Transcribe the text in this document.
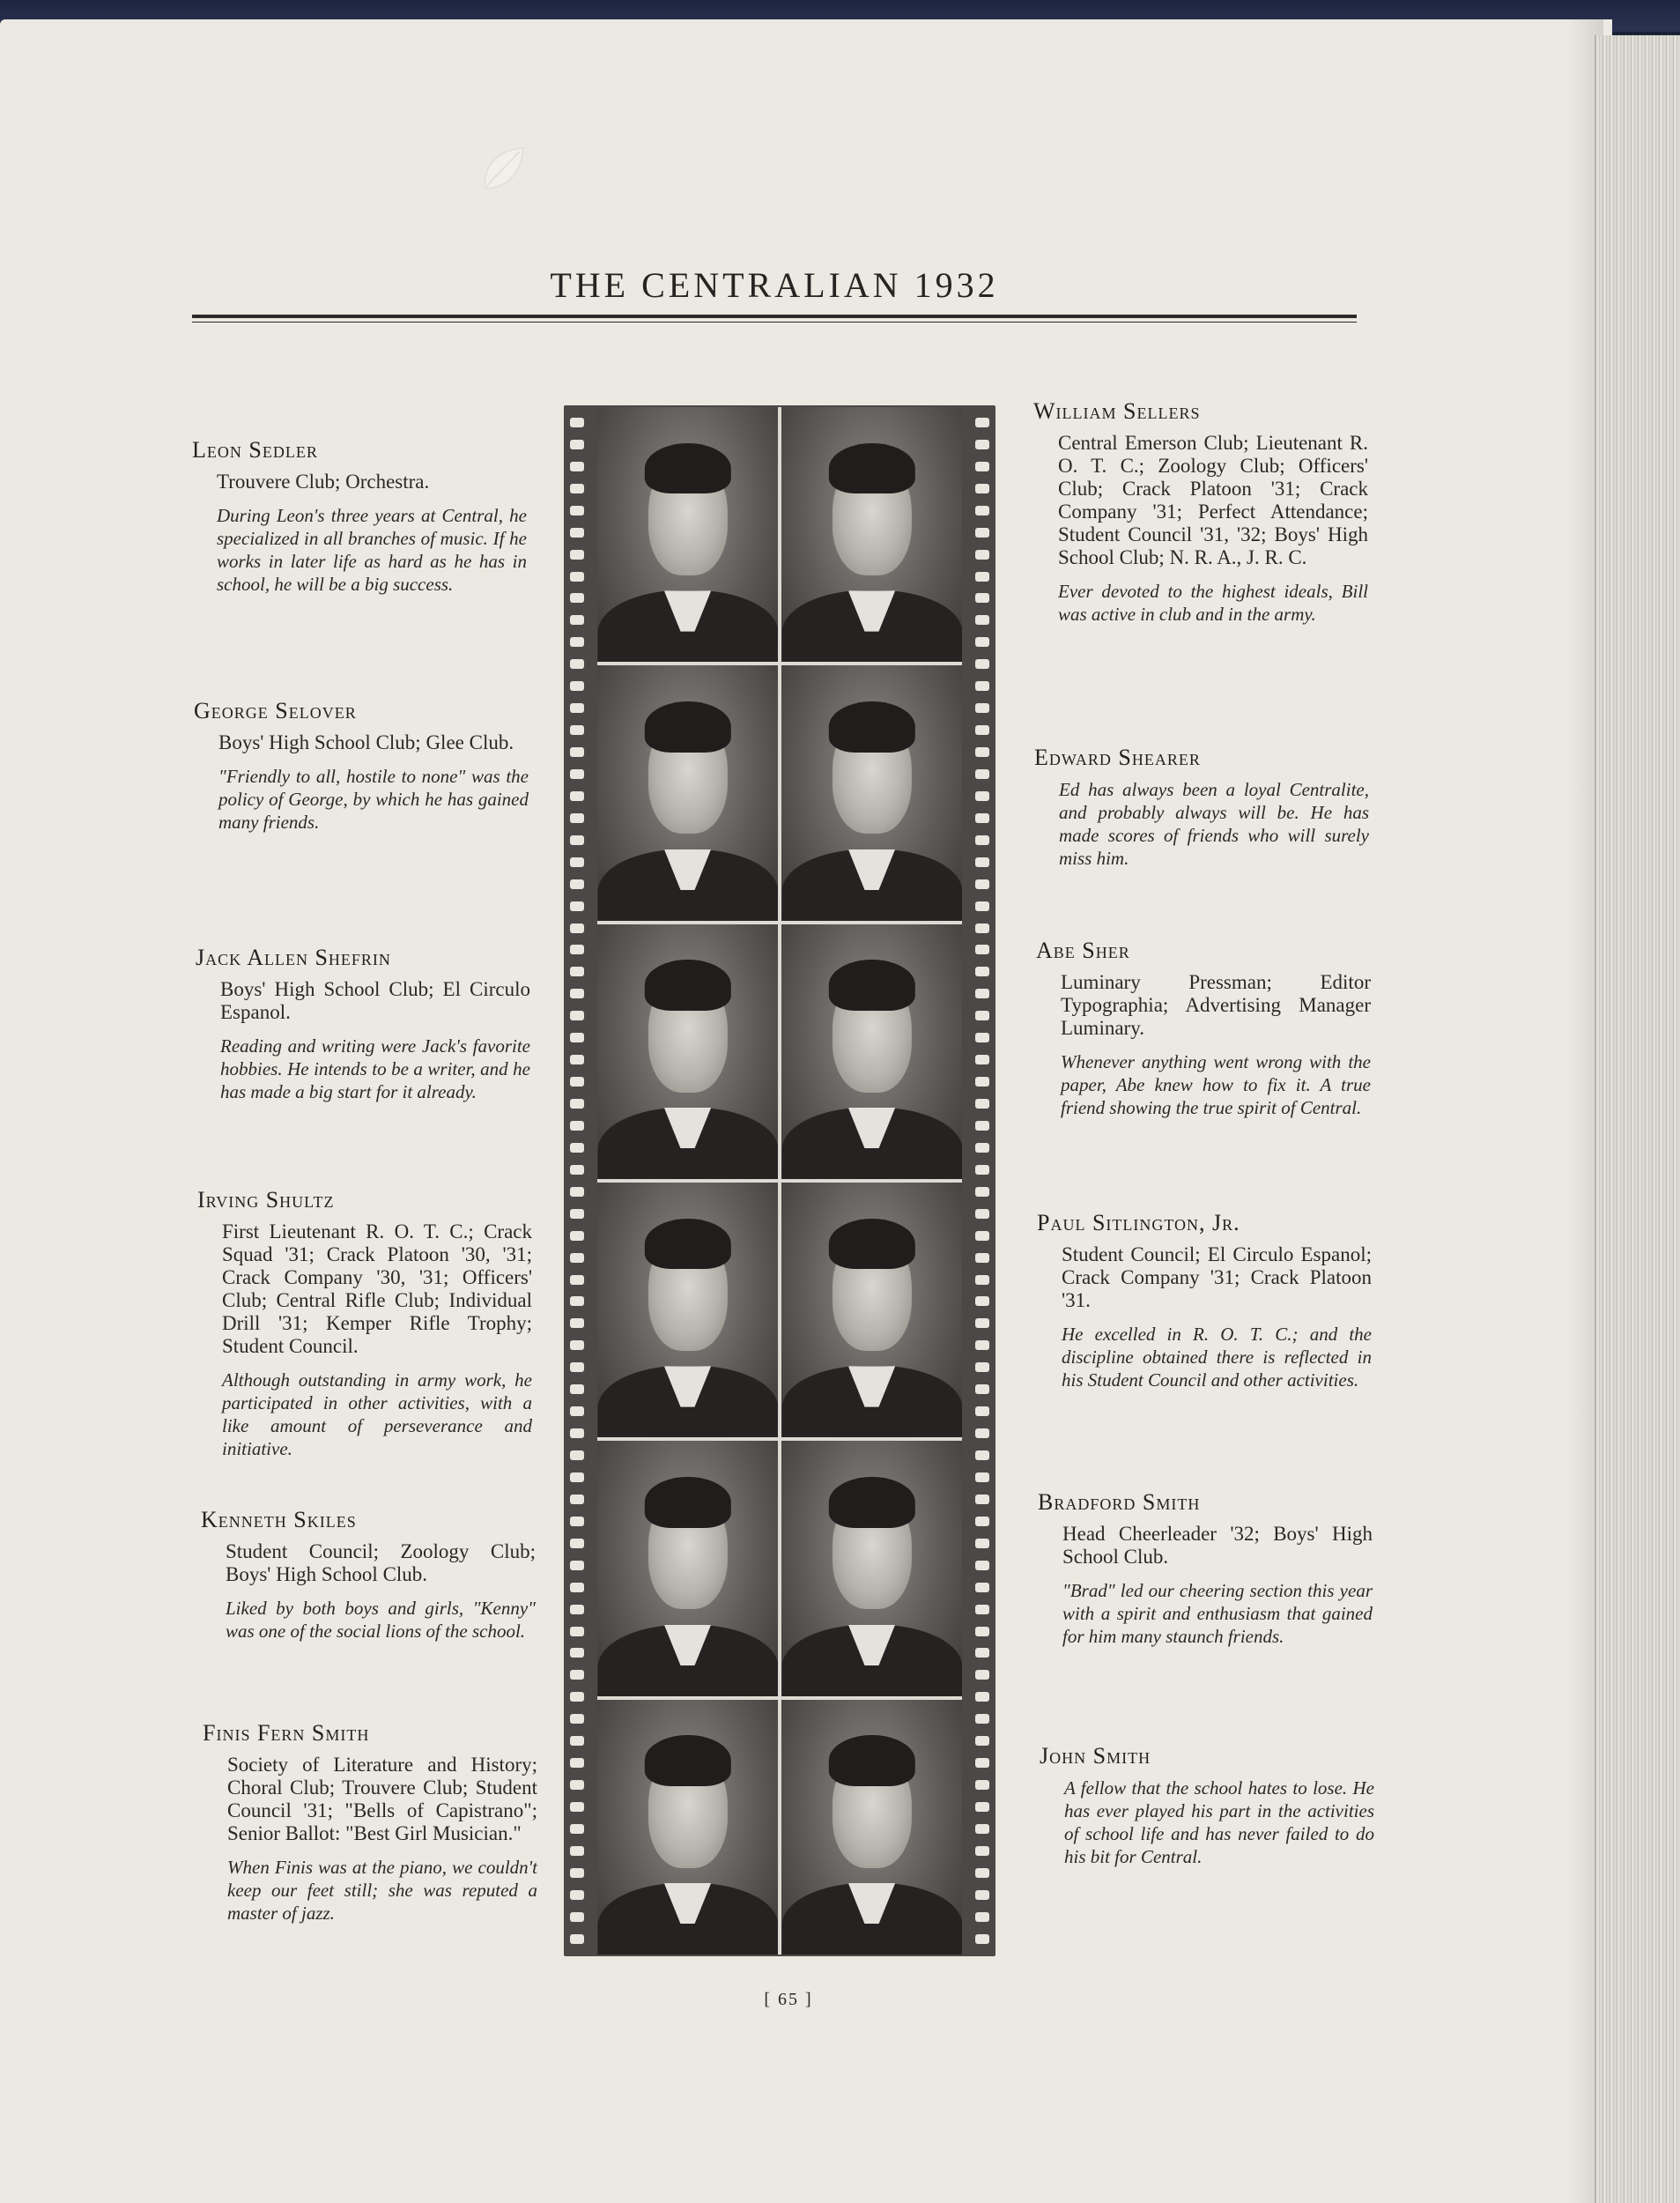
THE CENTRALIAN 1932
Leon Sedler
Trouvere Club; Orchestra.
During Leon's three years at Central, he specialized in all branches of music. If he works in later life as hard as he has in school, he will be a big success.
George Selover
Boys' High School Club; Glee Club.
"Friendly to all, hostile to none" was the policy of George, by which he has gained many friends.
Jack Allen Shefrin
Boys' High School Club; El Circulo Espanol.
Reading and writing were Jack's favorite hobbies. He intends to be a writer, and he has made a big start for it already.
Irving Shultz
First Lieutenant R. O. T. C.; Crack Squad '31; Crack Platoon '30, '31; Crack Company '30, '31; Officers' Club; Central Rifle Club; Individual Drill '31; Kemper Rifle Trophy; Student Council.
Although outstanding in army work, he participated in other activities, with a like amount of perseverance and initiative.
Kenneth Skiles
Student Council; Zoology Club; Boys' High School Club.
Liked by both boys and girls, "Kenny" was one of the social lions of the school.
Finis Fern Smith
Society of Literature and History; Choral Club; Trouvere Club; Student Council '31; "Bells of Capistrano"; Senior Ballot: "Best Girl Musician."
When Finis was at the piano, we couldn't keep our feet still; she was reputed a master of jazz.
William Sellers
Central Emerson Club; Lieutenant R. O. T. C.; Zoology Club; Officers' Club; Crack Platoon '31; Crack Company '31; Perfect Attendance; Student Council '31, '32; Boys' High School Club; N. R. A., J. R. C.
Ever devoted to the highest ideals, Bill was active in club and in the army.
Edward Shearer
Ed has always been a loyal Centralite, and probably always will be. He has made scores of friends who will surely miss him.
Abe Sher
Luminary Pressman; Editor Typographia; Advertising Manager Luminary.
Whenever anything went wrong with the paper, Abe knew how to fix it. A true friend showing the true spirit of Central.
Paul Sitlington, Jr.
Student Council; El Circulo Espanol; Crack Company '31; Crack Platoon '31.
He excelled in R. O. T. C.; and the discipline obtained there is reflected in his Student Council and other activities.
Bradford Smith
Head Cheerleader '32; Boys' High School Club.
"Brad" led our cheering section this year with a spirit and enthusiasm that gained for him many staunch friends.
John Smith
A fellow that the school hates to lose. He has ever played his part in the activities of school life and has never failed to do his bit for Central.
[ 65 ]
